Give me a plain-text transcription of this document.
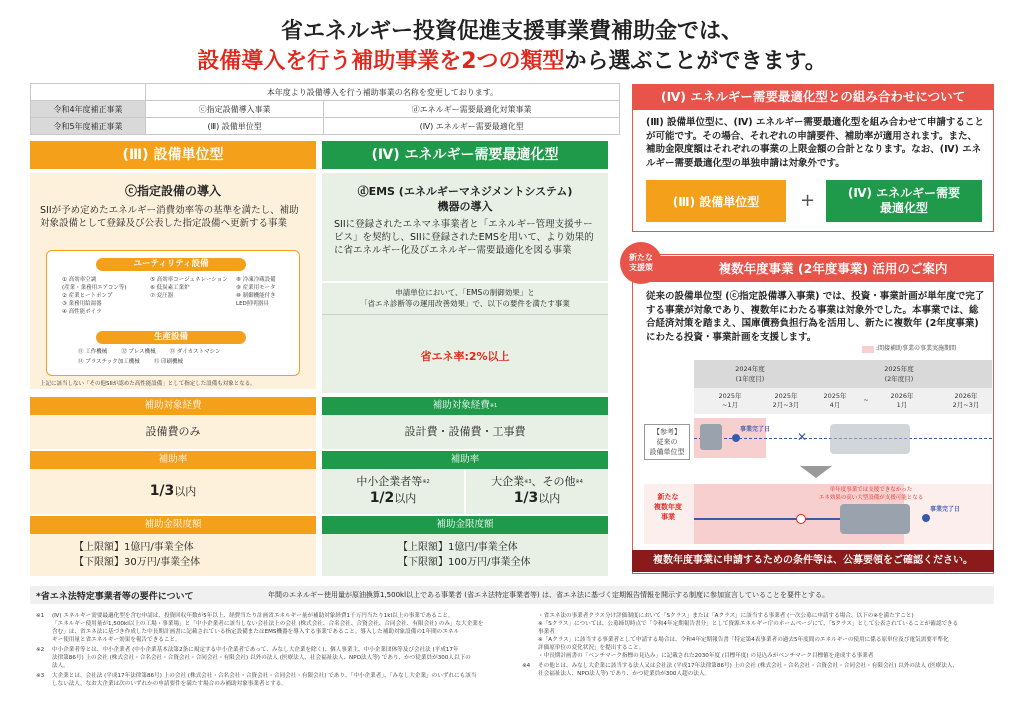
省エネルギー投資促進支援事業費補助金では、
設備導入を行う補助事業を2つの類型から選ぶことができます。
	本年度より設備導入を行う補助事業の名称を変更しております。	
令和4年度補正事業	ⓒ指定設備導入事業	ⓓエネルギー需要最適化対策事業
令和5年度補正事業	(Ⅲ) 設備単位型	(Ⅳ) エネルギー需要最適化型
(Ⅲ) 設備単位型
ⓒ指定設備の導入
SIIが予め定めたエネルギー消費効率等の基準を満たし、補助対象設備として登録及び公表した指定設備へ更新する事業
ユーティリティ設備
① 高効率空調
(産業・業務用エアコン等)
② 産業ヒートポンプ
③ 業務用給湯器
④ 高性能ボイラ
⑤ 高効率コージェネレーション
⑥ 低炭素工業炉
⑦ 変圧器
⑧ 冷凍冷蔵設備
⑨ 産業用モータ
⑩ 制御機能付き
LED照明器具
生産設備
⑪ 工作機械	⑫ プレス機械	⑬ ダイカストマシン
⑭ プラスチック加工機械	⑮ 印刷機械
上記に該当しない「その他SIIが認めた高性能設備」として指定した設備も対象となる。
補助対象経費
設備費のみ
補助率
1/3以内
補助金限度額
【上限額】1億円/事業全体
【下限額】30万円/事業全体
(Ⅳ) エネルギー需要最適化型
ⓓEMS (エネルギーマネジメントシステム)
機器の導入
SIIに登録されたエネマネ事業者と「エネルギー管理支援サービス」を契約し、SIIに登録されたEMSを用いて、より効果的に省エネルギー化及びエネルギー需要最適化を図る事業
申請単位において、「EMSの制御効果」と
「省エネ診断等の運用改善効果」で、以下の要件を満たす事業
省エネ率:2%以上
補助対象経費$^{※1}$
設計費・設備費・工事費
補助率
中小企業者等$^{※2}$
1/2以内
大企業$^{※3}$、その他$^{※4}$
1/3以内
補助金限度額
【上限額】1億円/事業全体
【下限額】100万円/事業全体
(Ⅳ) エネルギー需要最適化型との組み合わせについて
(Ⅲ) 設備単位型に、(Ⅳ) エネルギー需要最適化型を組み合わせて申請することが可能です。その場合、それぞれの申請要件、補助率が適用されます。また、補助金限度額はそれぞれの事業の上限金額の合計となります。なお、(Ⅳ) エネルギー需要最適化型の単独申請は対象外です。
(Ⅲ) 設備単位型	+	(Ⅳ) エネルギー需要
最適化型
複数年度事業 (2年度事業) 活用のご案内
新たな
支援策
従来の設備単位型 (ⓒ指定設備導入事業) では、投資・事業計画が単年度で完了する事業が対象であり、複数年にわたる事業は対象外でした。本事業では、総合経済対策を踏まえ、国庫債務負担行為を活用し、新たに複数年 (2年度事業) にわたる投資・事業計画を支援します。
:間接補助事業の事業実施期間
2024年度
(1年度目)
2025年度
(2年度目)
2025年
~1月
2025年
2月~3月
2025年
4月
~	2026年
1月
2026年
2月~3月
【参考】
従来の
設備単位型
事業完了日
✕
新たな
複数年度
事業
事業完了日
単年度事業では支援できなかった
エネ効果の高い大型設備が支援可能となる
複数年度事業に申請するための条件等は、公募要領をご確認ください。
*省エネ法特定事業者等の要件について	年間のエネルギー使用量が原油換算1,500kl以上である事業者 (省エネ法特定事業者等) は、省エネ法に基づく定期報告情報を開示する制度に参加宣言していることを要件とする。
※1	(Ⅳ) エネルギー需要最適化型を含む申請は、投資回収年数が5年以上、経費当たり計画省エネルギー量が補助対象経費1千万円当たり1kl以上の事業であること。
「エネルギー使用量が1,500kl以上の工場・事業場」と「中小企業者に該当しない会社法上の会社 (株式会社、合名会社、合資会社、合同会社、有限会社) のみ」な大企業を
含む」は、省エネ法に基づき作成した中長期計画書に記載されている指定設備またはEMS機器を導入する事業であること。導入した補助対象設備の1年間のエネル
ギー使用量と省エネルギー効果を報告できること。
※2	中小企業者等とは、中小企業者 (中小企業基本法第2条に規定する中小企業者であって、みなし大企業を除く)、個人事業主、中小企業団体等及び会社法 (平成17年
法律第86号) 上の会社 (株式会社・合名会社・合資会社・合同会社・有限会社) 以外の法人 (医療法人、社会福祉法人、NPO法人等) であり、かつ従業員が300人以下の
法人。
※3	大企業とは、会社法 (平成17年法律第86号) 上の会社 (株式会社・合名会社・合資会社・合同会社・有限会社) であり、「中小企業者」、「みなし大企業」のいずれにも該当
しない法人。なお大企業は次のいずれかの申請要件を満たす場合のみ補助対象事業者とする。
・省エネ法の事業者クラス分け評価制度において「Sクラス」または「Aクラス」に該当する事業者 (一次公募に申請する場合、以下の※を満たすこと)
※「Sクラス」については、公募締切時点で「令和4年定期報告書分」として資源エネルギー庁のホームページにて、「Sクラス」として公表されていることが確認できる
事業者
※「Aクラス」に該当する事業者として申請する場合は、令和4年定期報告書「特定第4表事業者の過去5年度間のエネルギーの使用に係る原単位及び電気需要平準化
評価原単位の変化状況」を提出すること。
・中長期計画書の「ベンチマーク指標の見込み」に記載された2030年度 (目標年度) の見込みがベンチマーク目標値を達成する事業者
※4	その他とは、みなし大企業に該当する法人又は会社法 (平成17年法律第86号) 上の会社 (株式会社・合名会社・合資会社・合同会社・有限会社) 以外の法人 (医療法人、
社会福祉法人、NPO法人等) であり、かつ従業員が300人超の法人。
